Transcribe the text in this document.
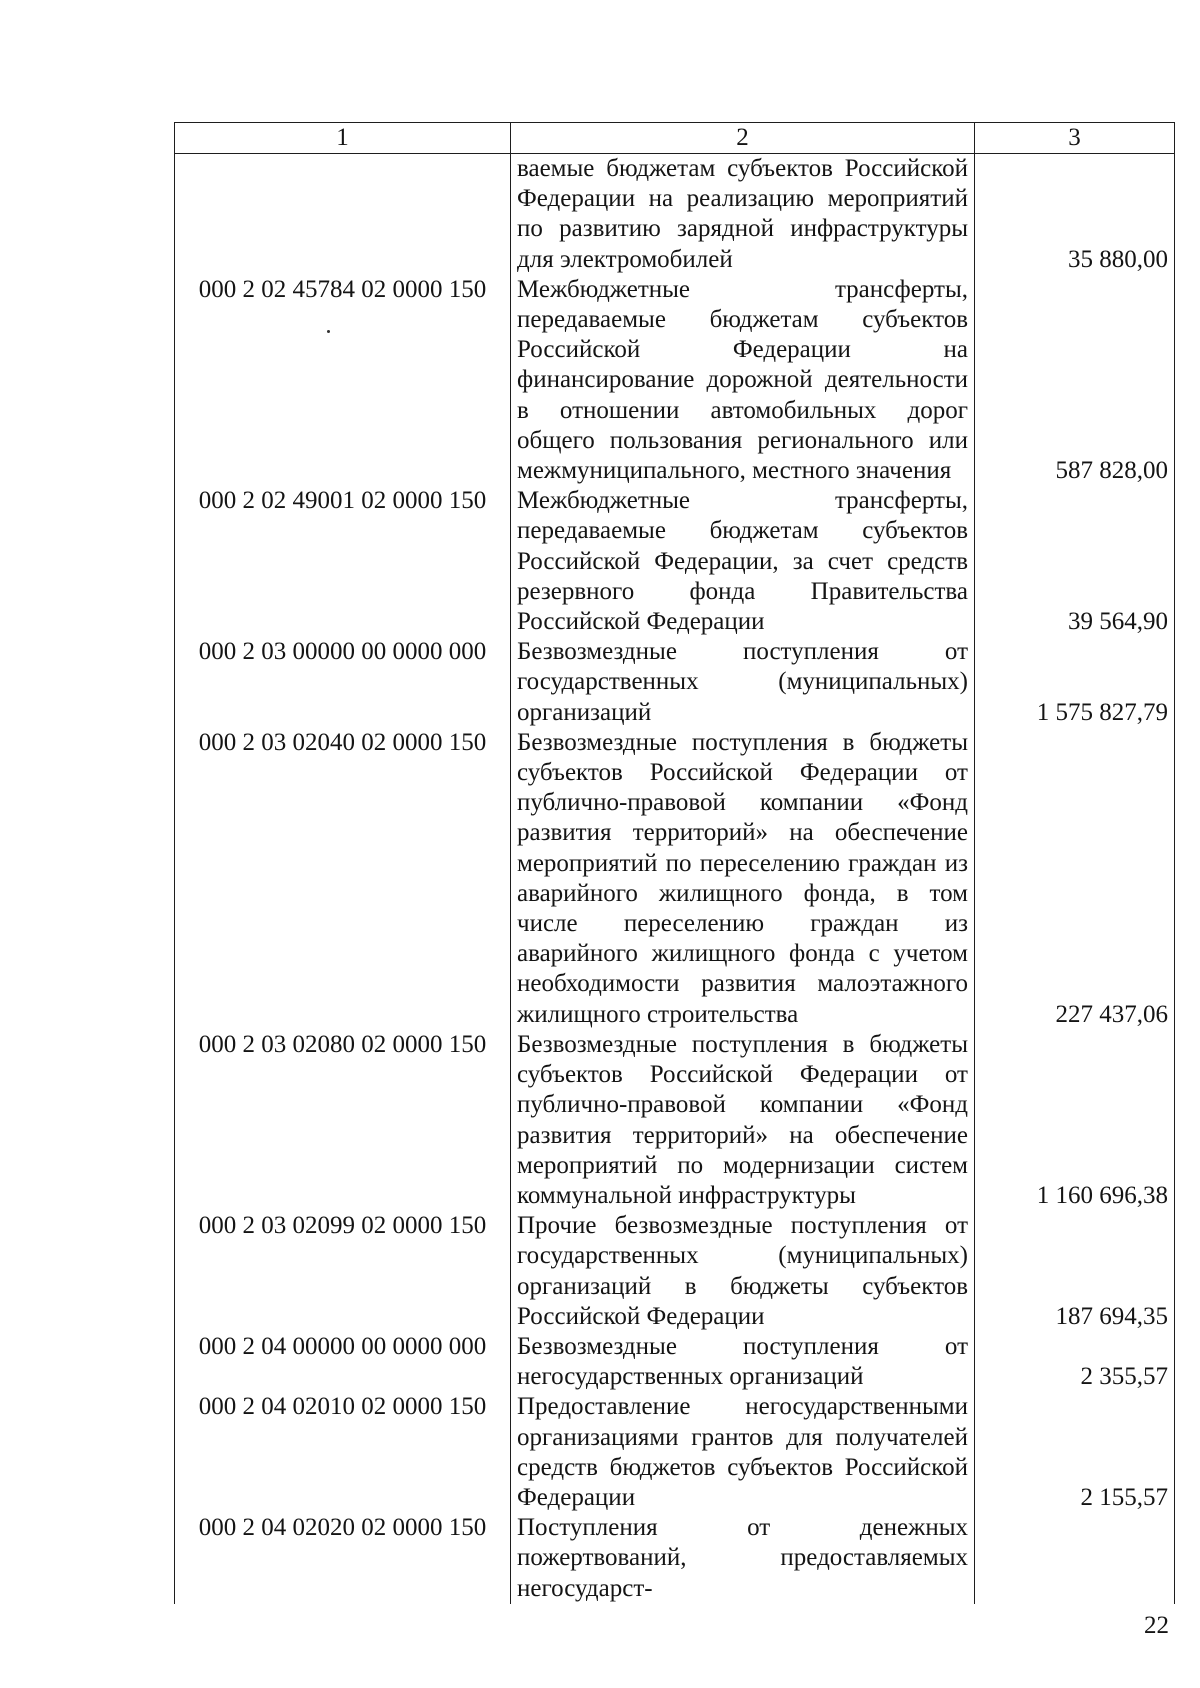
1	2	3
	ваемые бюджетам субъектов Российской Федерации на реализацию мероприятий по развитию зарядной инфраструктуры для электромобилей	35 880,00
000 2 02 45784 02 0000 150	Межбюджетные трансферты, передаваемые бюджетам субъектов Российской Федерации на финансирование дорожной деятельности в отношении автомобильных дорог общего пользования регионального или межмуниципального, местного значения	587 828,00
000 2 02 49001 02 0000 150	Межбюджетные трансферты, передаваемые бюджетам субъектов Российской Федерации, за счет средств резервного фонда Правительства Российской Федерации	39 564,90
000 2 03 00000 00 0000 000	Безвозмездные поступления от государственных (муниципальных) организаций	1 575 827,79
000 2 03 02040 02 0000 150	Безвозмездные поступления в бюджеты субъектов Российской Федерации от публично-правовой компании «Фонд развития территорий» на обеспечение мероприятий по переселению граждан из аварийного жилищного фонда, в том числе переселению граждан из аварийного жилищного фонда с учетом необходимости развития малоэтажного жилищного строительства	227 437,06
000 2 03 02080 02 0000 150	Безвозмездные поступления в бюджеты субъектов Российской Федерации от публично-правовой компании «Фонд развития территорий» на обеспечение мероприятий по модернизации систем коммунальной инфраструктуры	1 160 696,38
000 2 03 02099 02 0000 150	Прочие безвозмездные поступления от государственных (муниципальных) организаций в бюджеты субъектов Российской Федерации	187 694,35
000 2 04 00000 00 0000 000	Безвозмездные поступления от негосударственных организаций	2 355,57
000 2 04 02010 02 0000 150	Предоставление негосударственными организациями грантов для получателей средств бюджетов субъектов Российской Федерации	2 155,57
000 2 04 02020 02 0000 150	Поступления от денежных пожертвований, предоставляемых негосударст-	
22
